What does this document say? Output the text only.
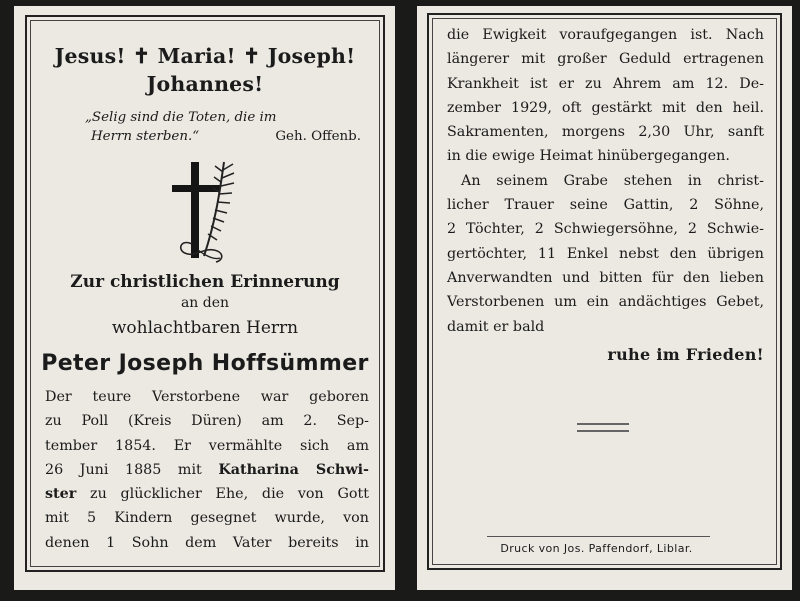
Jesus! ✝ Maria! ✝ Joseph!
Johannes!
„Selig sind die Toten, die im
Herrn sterben.“	Geh. Offenb.
Zur christlichen Erinnerung
an den
wohlachtbaren Herrn
Peter Joseph Hoffsümmer
Der teure Verstorbene war geboren
zu Poll (Kreis Düren) am 2. Sep-
tember 1854. Er vermählte sich am
26 Juni 1885 mit Katharina Schwi-
ster zu glücklicher Ehe, die von Gott
mit 5 Kindern gesegnet wurde, von
denen 1 Sohn dem Vater bereits in
die Ewigkeit voraufgegangen ist. Nach
längerer mit großer Geduld ertragenen
Krankheit ist er zu Ahrem am 12. De-
zember 1929, oft gestärkt mit den heil.
Sakramenten, morgens 2,30 Uhr, sanft
in die ewige Heimat hinübergegangen.
An seinem Grabe stehen in christ-
licher Trauer seine Gattin, 2 Söhne,
2 Töchter, 2 Schwiegersöhne, 2 Schwie-
gertöchter, 11 Enkel nebst den übrigen
Anverwandten und bitten für den lieben
Verstorbenen um ein andächtiges Gebet,
damit er bald
ruhe im Frieden!
Druck von Jos. Paffendorf, Liblar.
